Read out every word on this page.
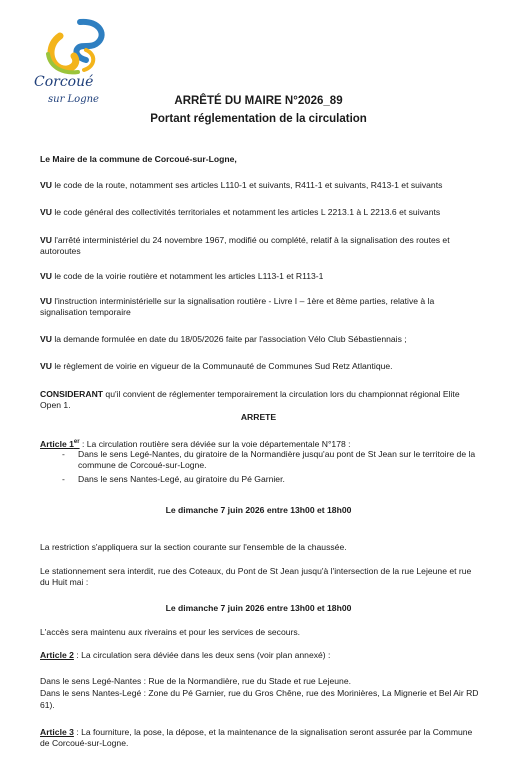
Corcoué
sur Logne	ARRÊTÉ DU MAIRE N°2026_89
Portant réglementation de la circulation
Le Maire de la commune de Corcoué-sur-Logne,
VU le code de la route, notamment ses articles L110-1 et suivants, R411-1 et suivants, R413-1 et suivants
VU le code général des collectivités territoriales et notamment les articles L 2213.1 à L 2213.6 et suivants
VU l'arrêté interministériel du 24 novembre 1967, modifié ou complété, relatif à la signalisation des routes et
autoroutes
VU le code de la voirie routière et notamment les articles L113-1 et R113-1
VU l'instruction interministérielle sur la signalisation routière - Livre I – 1ère et 8ème parties, relative à la
signalisation temporaire
VU la demande formulée en date du 18/05/2026 faite par l'association Vélo Club Sébastiennais ;
VU le règlement de voirie en vigueur de la Communauté de Communes Sud Retz Atlantique.
CONSIDERANT qu'il convient de réglementer temporairement la circulation lors du championnat régional Elite
Open 1.
ARRETE
Article 1er : La circulation routière sera déviée sur la voie départementale N°178 :
- Dans le sens Legé-Nantes, du giratoire de la Normandière jusqu'au pont de St Jean sur le territoire de la
commune de Corcoué-sur-Logne.
- Dans le sens Nantes-Legé, au giratoire du Pé Garnier.
Le dimanche 7 juin 2026 entre 13h00 et 18h00
La restriction s'appliquera sur la section courante sur l'ensemble de la chaussée.
Le stationnement sera interdit, rue des Coteaux, du Pont de St Jean jusqu'à l'intersection de la rue Lejeune et rue
du Huit mai :
Le dimanche 7 juin 2026 entre 13h00 et 18h00
L'accès sera maintenu aux riverains et pour les services de secours.
Article 2 : La circulation sera déviée dans les deux sens (voir plan annexé) :
Dans le sens Legé-Nantes : Rue de la Normandière, rue du Stade et rue Lejeune.
Dans le sens Nantes-Legé : Zone du Pé Garnier, rue du Gros Chêne, rue des Morinières, La Mignerie et Bel Air RD
61).
Article 3 : La fourniture, la pose, la dépose, et la maintenance de la signalisation seront assurée par la Commune
de Corcoué-sur-Logne.
